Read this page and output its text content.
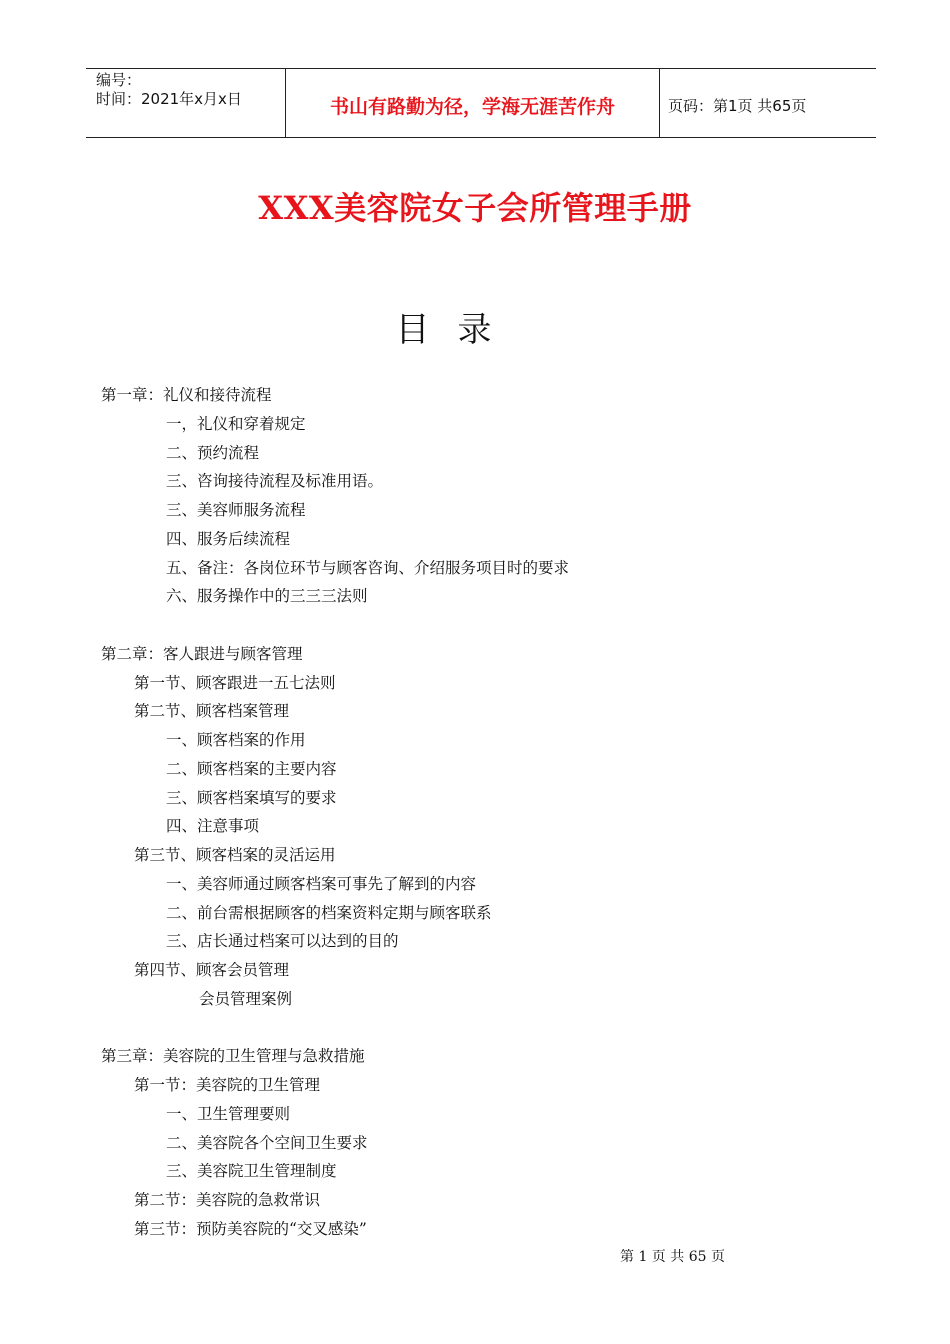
编号：
时间：2021年x月x日	书山有路勤为径，学海无涯苦作舟	页码：第1页 共65页
XXX美容院女子会所管理手册
目录
第一章：礼仪和接待流程
一，礼仪和穿着规定
二、预约流程
三、咨询接待流程及标准用语。
三、美容师服务流程
四、服务后续流程
五、备注：各岗位环节与顾客咨询、介绍服务项目时的要求
六、服务操作中的三三三法则
第二章：客人跟进与顾客管理
第一节、顾客跟进一五七法则
第二节、顾客档案管理
一、顾客档案的作用
二、顾客档案的主要内容
三、顾客档案填写的要求
四、注意事项
第三节、顾客档案的灵活运用
一、美容师通过顾客档案可事先了解到的内容
二、前台需根据顾客的档案资料定期与顾客联系
三、店长通过档案可以达到的目的
第四节、顾客会员管理
会员管理案例
第三章：美容院的卫生管理与急救措施
第一节：美容院的卫生管理
一、卫生管理要则
二、美容院各个空间卫生要求
三、美容院卫生管理制度
第二节：美容院的急救常识
第三节：预防美容院的“交叉感染”
第 1 页 共 65 页
